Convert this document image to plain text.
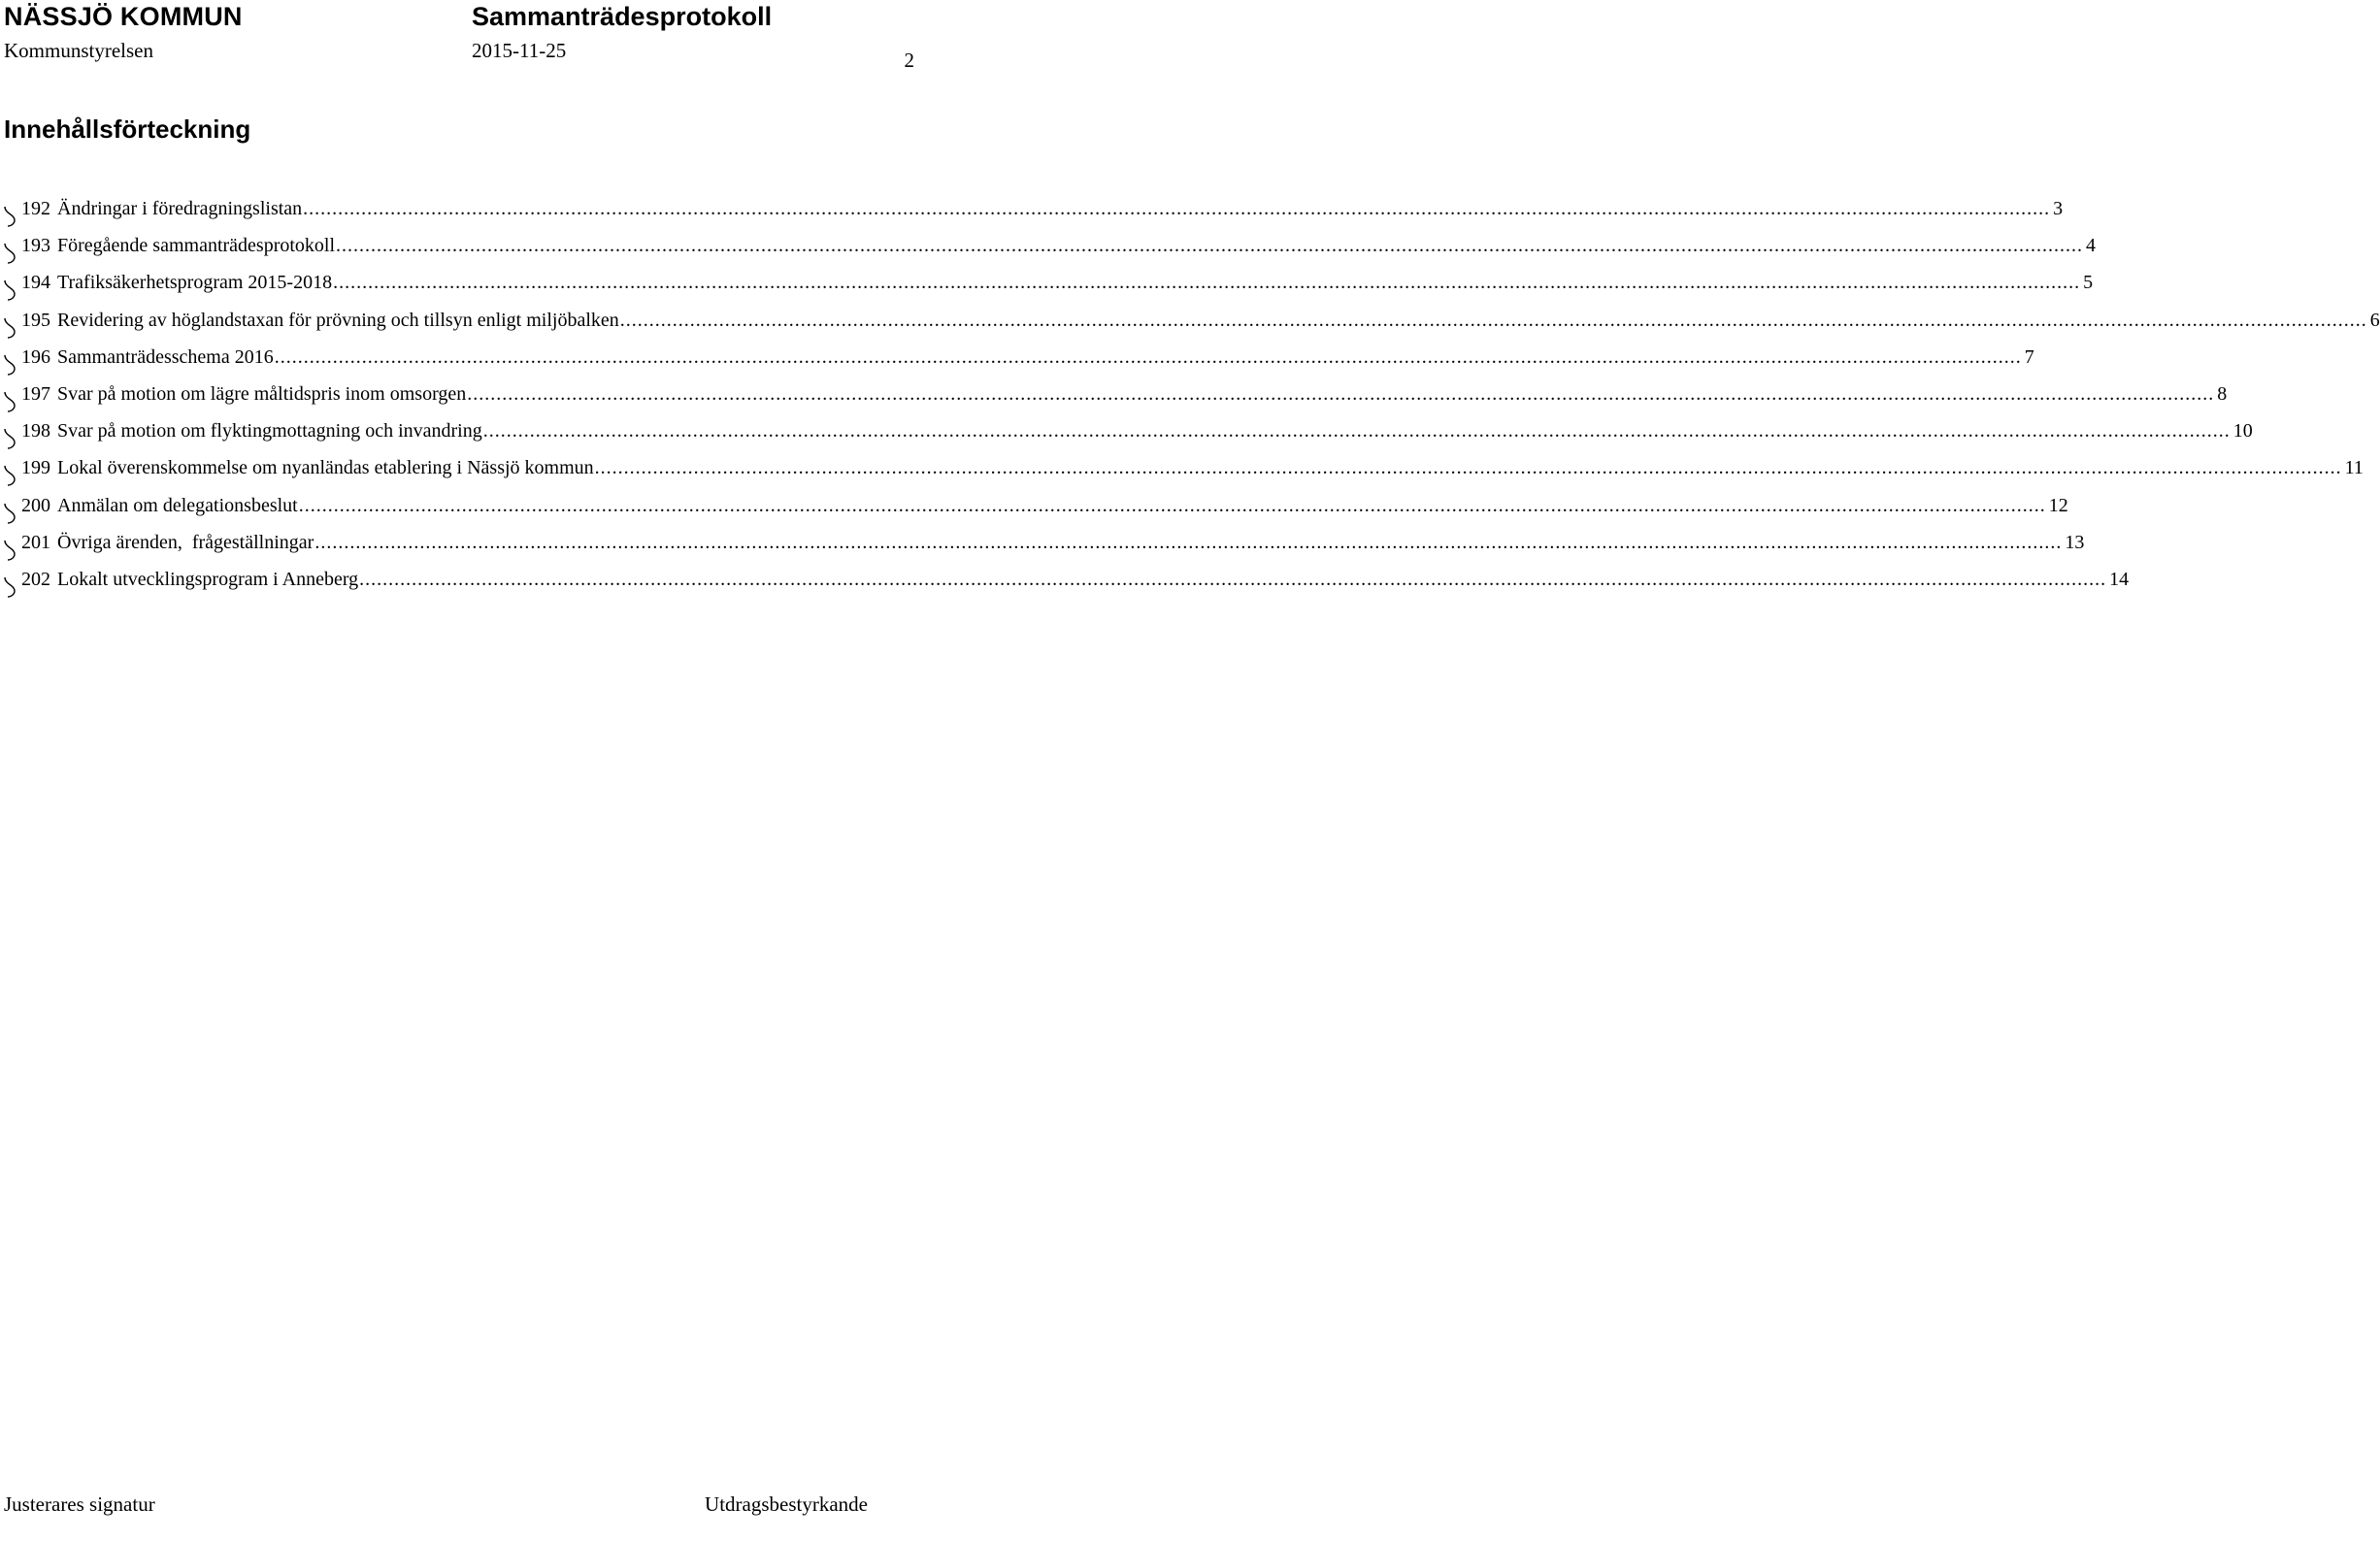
NÄSSJÖ KOMMUN	Sammanträdesprotokoll
Kommunstyrelsen	2015-11-25	2
Innehållsförteckning
192
Ändringar i föredragningslistan ............................................................................................................................................................................................................................................................................................................ 3
193
Föregående sammanträdesprotokoll ............................................................................................................................................................................................................................................................................................................ 4
194
Trafiksäkerhetsprogram 2015-2018 ............................................................................................................................................................................................................................................................................................................ 5
195
Revidering av höglandstaxan för prövning och tillsyn enligt miljöbalken ............................................................................................................................................................................................................................................................................................................ 6
196
Sammanträdesschema 2016 ............................................................................................................................................................................................................................................................................................................ 7
197
Svar på motion om lägre måltidspris inom omsorgen ............................................................................................................................................................................................................................................................................................................ 8
198
Svar på motion om flyktingmottagning och invandring ............................................................................................................................................................................................................................................................................................................ 10
199
Lokal överenskommelse om nyanländas etablering i Nässjö kommun ............................................................................................................................................................................................................................................................................................................ 11
200
Anmälan om delegationsbeslut ............................................................................................................................................................................................................................................................................................................ 12
201
Övriga ärenden,  frågeställningar ............................................................................................................................................................................................................................................................................................................ 13
202
Lokalt utvecklingsprogram i Anneberg ............................................................................................................................................................................................................................................................................................................ 14
Justerares signatur	Utdragsbestyrkande
